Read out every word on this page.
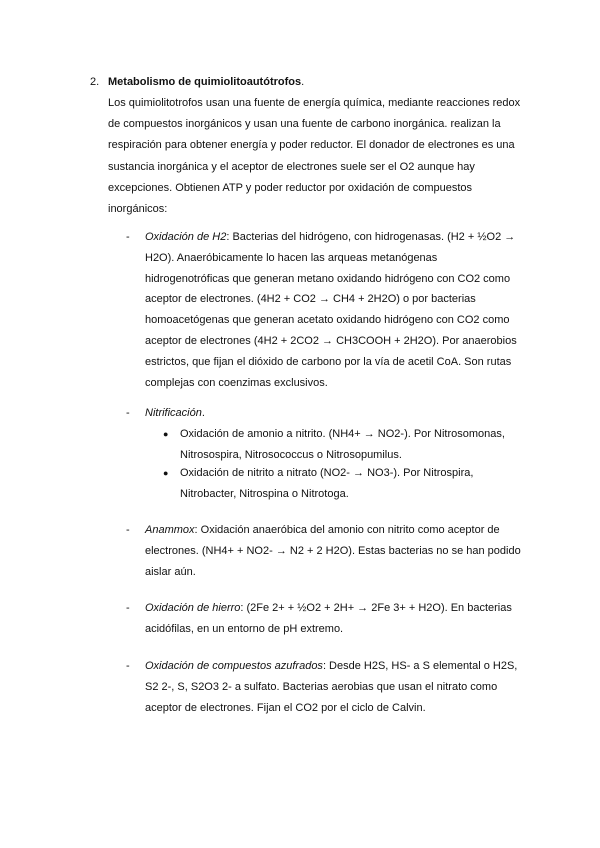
2. Metabolismo de quimiolitoautótrofos.
Los quimiolitotrofos usan una fuente de energía química, mediante reacciones redox
de compuestos inorgánicos y usan una fuente de carbono inorgánica. realizan la
respiración para obtener energía y poder reductor. El donador de electrones es una
sustancia inorgánica y el aceptor de electrones suele ser el O2 aunque hay
excepciones. Obtienen ATP y poder reductor por oxidación de compuestos
inorgánicos:
- Oxidación de H2: Bacterias del hidrógeno, con hidrogenasas. (H2 + ½O2 →
H2O). Anaeróbicamente lo hacen las arqueas metanógenas
hidrogenotróficas que generan metano oxidando hidrógeno con CO2 como
aceptor de electrones. (4H2 + CO2 → CH4 + 2H2O) o por bacterias
homoacetógenas que generan acetato oxidando hidrógeno con CO2 como
aceptor de electrones (4H2 + 2CO2 → CH3COOH + 2H2O). Por anaerobios
estrictos, que fijan el dióxido de carbono por la vía de acetil CoA. Son rutas
complejas con coenzimas exclusivos.
- Nitrificación.
● Oxidación de amonio a nitrito. (NH4+ → NO2-). Por Nitrosomonas,
Nitrosospira, Nitrosococcus o Nitrosopumilus.
● Oxidación de nitrito a nitrato (NO2- → NO3-). Por Nitrospira,
Nitrobacter, Nitrospina o Nitrotoga.
- Anammox: Oxidación anaeróbica del amonio con nitrito como aceptor de
electrones. (NH4+ + NO2- → N2 + 2 H2O). Estas bacterias no se han podido
aislar aún.
- Oxidación de hierro: (2Fe 2+ + ½O2 + 2H+ → 2Fe 3+ + H2O). En bacterias
acidófilas, en un entorno de pH extremo.
- Oxidación de compuestos azufrados: Desde H2S, HS- a S elemental o H2S,
S2 2-, S, S2O3 2- a sulfato. Bacterias aerobias que usan el nitrato como
aceptor de electrones. Fijan el CO2 por el ciclo de Calvin.
